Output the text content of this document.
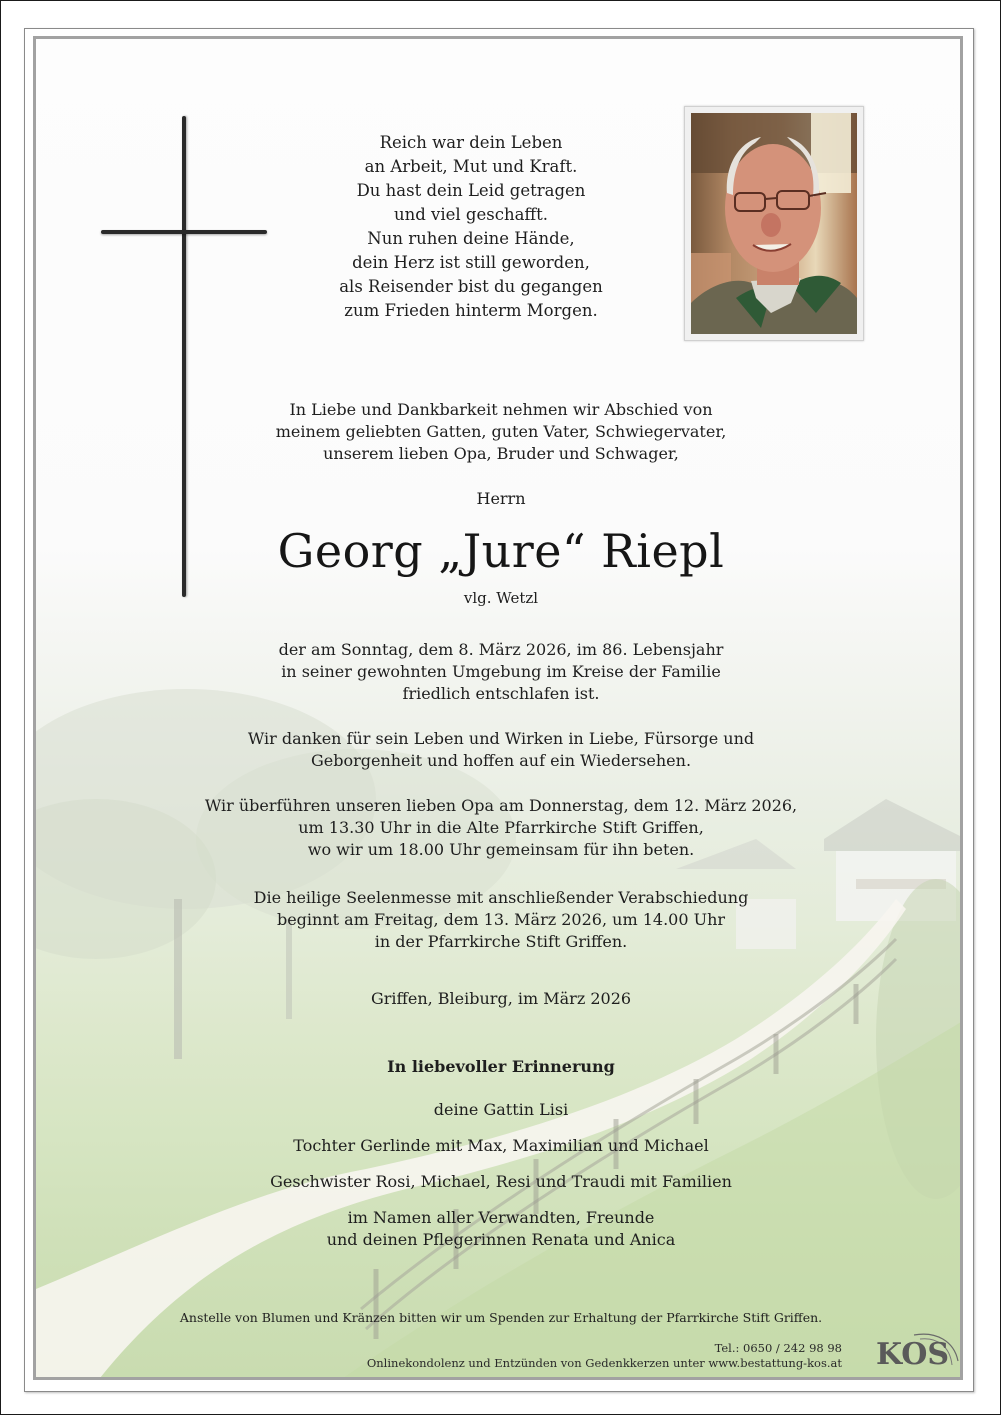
Reich war dein Leben
an Arbeit, Mut und Kraft.
Du hast dein Leid getragen
und viel geschafft.
Nun ruhen deine Hände,
dein Herz ist still geworden,
als Reisender bist du gegangen
zum Frieden hinterm Morgen.
In Liebe und Dankbarkeit nehmen wir Abschied von
meinem geliebten Gatten, guten Vater, Schwiegervater,
unserem lieben Opa, Bruder und Schwager,
Herrn
Georg „Jure“ Riepl
vlg. Wetzl
der am Sonntag, dem 8. März 2026, im 86. Lebensjahr
in seiner gewohnten Umgebung im Kreise der Familie
friedlich entschlafen ist.
Wir danken für sein Leben und Wirken in Liebe, Fürsorge und
Geborgenheit und hoffen auf ein Wiedersehen.
Wir überführen unseren lieben Opa am Donnerstag, dem 12. März 2026,
um 13.30 Uhr in die Alte Pfarrkirche Stift Griffen,
wo wir um 18.00 Uhr gemeinsam für ihn beten.
Die heilige Seelenmesse mit anschließender Verabschiedung
beginnt am Freitag, dem 13. März 2026, um 14.00 Uhr
in der Pfarrkirche Stift Griffen.
Griffen, Bleiburg, im März 2026
In liebevoller Erinnerung
deine Gattin Lisi
Tochter Gerlinde mit Max, Maximilian und Michael
Geschwister Rosi, Michael, Resi und Traudi mit Familien
im Namen aller Verwandten, Freunde
und deinen Pflegerinnen Renata und Anica
Anstelle von Blumen und Kränzen bitten wir um Spenden zur Erhaltung der Pfarrkirche Stift Griffen.
Tel.: 0650 / 242 98 98
Onlinekondolenz und Entzünden von Gedenkkerzen unter www.bestattung-kos.at KOS
